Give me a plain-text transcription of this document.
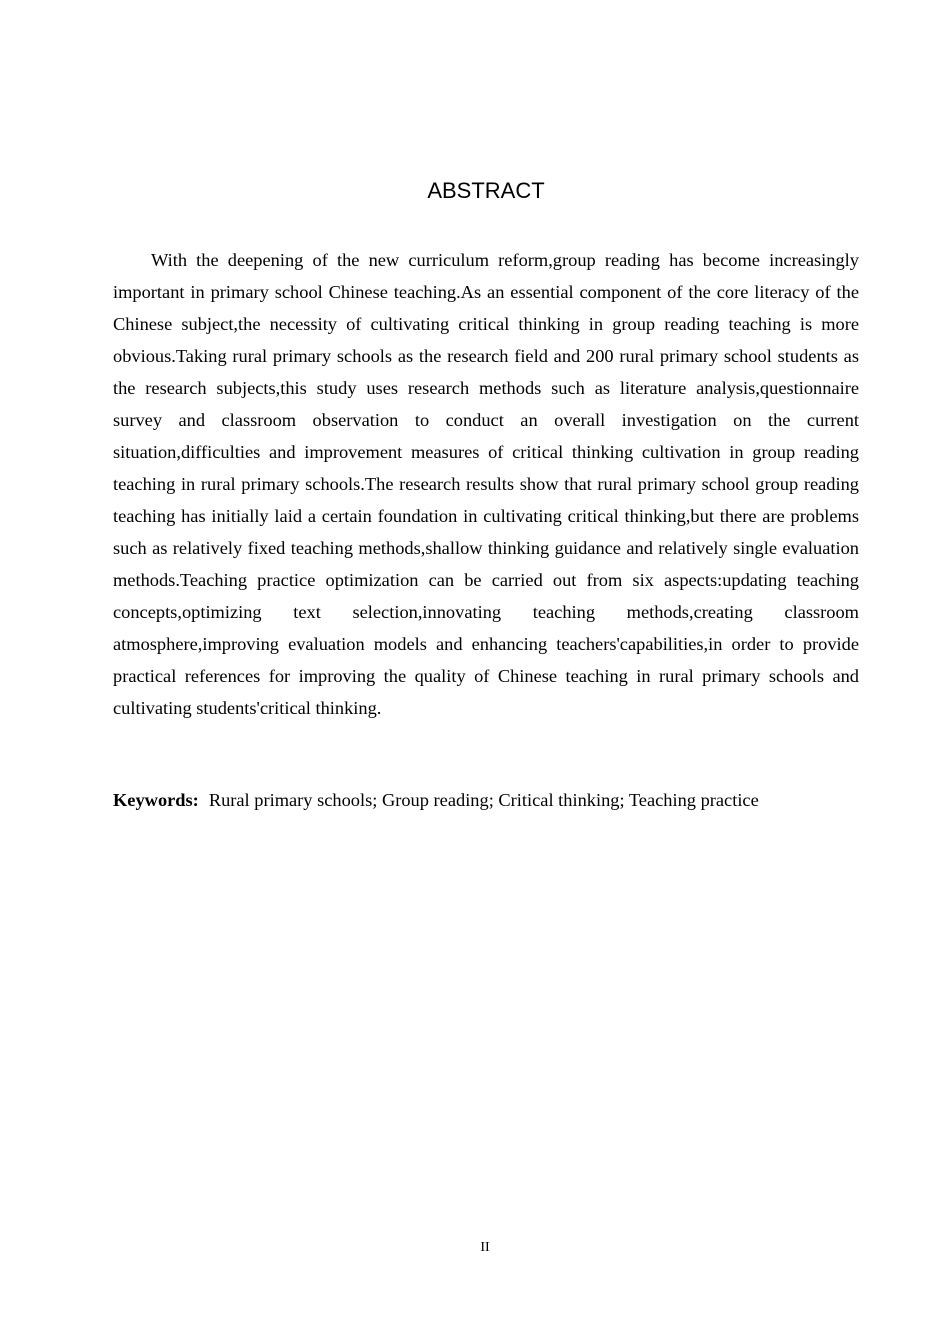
ABSTRACT

With the deepening of the new curriculum reform,group reading has become increasingly important in primary school Chinese teaching.As an essential component of the core literacy of the Chinese subject,the necessity of cultivating critical thinking in group reading teaching is more obvious.Taking rural primary schools as the research field and 200 rural primary school students as the research subjects,this study uses research methods such as literature analysis,questionnaire survey and classroom observation to conduct an overall investigation on the current situation,difficulties and improvement measures of critical thinking cultivation in group reading teaching in rural primary schools.The research results show that rural primary school group reading teaching has initially laid a certain foundation in cultivating critical thinking,but there are problems such as relatively fixed teaching methods,shallow thinking guidance and relatively single evaluation methods.Teaching practice optimization can be carried out from six aspects:updating teaching concepts,optimizing text selection,innovating teaching methods,creating classroom atmosphere,improving evaluation models and enhancing teachers'capabilities,in order to provide practical references for improving the quality of Chinese teaching in rural primary schools and cultivating students'critical thinking.

Keywords: Rural primary schools; Group reading; Critical thinking; Teaching practice

II
